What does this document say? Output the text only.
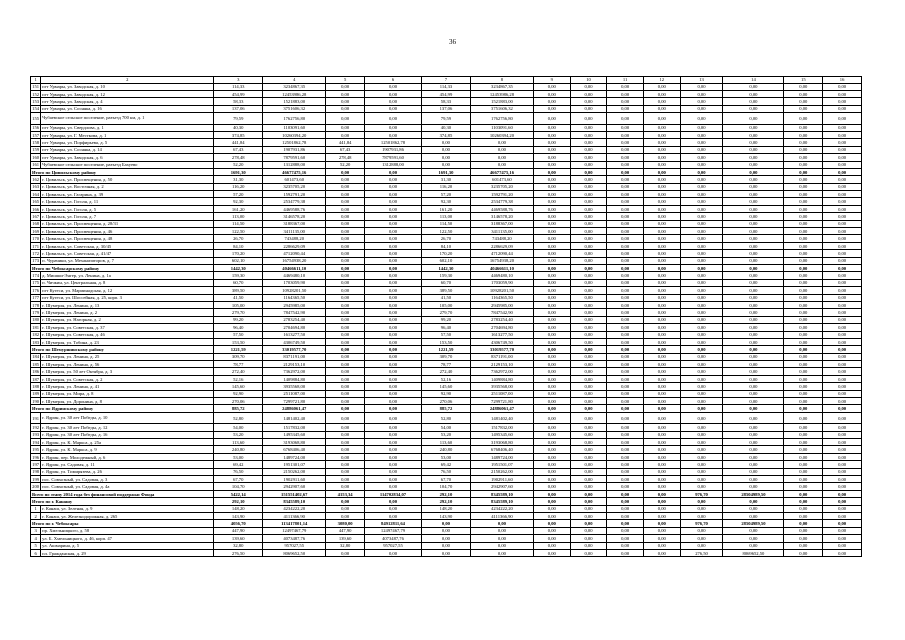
36
1	2	3	4	5	6	7	8	9	10	11	12	13	14	15	16
151	пгт Урмары, ул. Заводская, д. 10	114,33	3234867,35	0,00	0,00	114,33	3234867,35	0,00	0,00	0,00	0,00	0,00	0,00	0,00	0,00
152	пгт Урмары, ул. Заводская, д. 12	454,99	12453986,28	0,00	0,00	454,99	12453986,28	0,00	0,00	0,00	0,00	0,00	0,00	0,00	0,00
153	пгт Урмары, ул. Заводская, д. 4	58,33	1521883,00	0,00	0,00	58,33	1521883,00	0,00	0,00	0,00	0,00	0,00	0,00	0,00	0,00
154	пгт Урмары, ул. Сосняка, д. 16	137,06	3751606,32	0,00	0,00	137,06	3751606,32	0,00	0,00	0,00	0,00	0,00	0,00	0,00	0,00
155	Чубаевское сельское поселение, разъезд 700 км, д. 1	79,59	1762756,80	0,00	0,00	79,59	1762756,80	0,00	0,00	0,00	0,00	0,00	0,00	0,00	0,00
156	пгт Урмары, ул. Свердлова, д. 1	40,30	1103091,60	0,00	0,00	40,30	1103091,60	0,00	0,00	0,00	0,00	0,00	0,00	0,00	0,00
157	пгт Урмары, ул. Г. Месткова, д. 1	374,85	10260394,20	0,00	0,00	374,85	10260394,20	0,00	0,00	0,00	0,00	0,00	0,00	0,00	0,00
158	пгт Урмары, ул. Порфирьева, д. 5	441,84	12501862,78	441,84	12501862,78	0,00	0,00	0,00	0,00	0,00	0,00	0,00	0,00	0,00	0,00
159	пгт Урмары, ул. Сосняка, д. 14	67,43	1907931,86	67,43	1907931,86	0,00	0,00	0,00	0,00	0,00	0,00	0,00	0,00	0,00	0,00
160	пгт Урмары, ул. Заводская, д. 6	278,48	7879591,60	278,48	7879591,60	0,00	0,00	0,00	0,00	0,00	0,00	0,00	0,00	0,00	0,00
161	Чубаевское сельское поселение, разъезд Бахуево	52,20	1312888,00	52,20	1312888,00	0,00	0,00	0,00	0,00	0,00	0,00	0,00	0,00	0,00	0,00
Итого по Цивильскому району		1691,30	46677475,16	0,00	0,00	1691,30	46677475,16	0,00	0,00	0,00	0,00	0,00	0,00	0,00	0,00
162	г. Цивильск, ул. Просвещения, д. 50	31,30	601473,60	0,00	0,00	31,30	601473,60	0,00	0,00	0,00	0,00	0,00	0,00	0,00	0,00
163	г. Цивильск, ул. Восточная, д. 2	116,20	3235705,20	0,00	0,00	116,20	3235705,20	0,00	0,00	0,00	0,00	0,00	0,00	0,00	0,00
164	г. Цивильск, ул. Гагарина, д. 39	57,20	1592791,20	0,00	0,00	57,20	1592791,20	0,00	0,00	0,00	0,00	0,00	0,00	0,00	0,00
165	г. Цивильск, ул. Гоголя, д. 11	92,30	2534779,38	0,00	0,00	92,30	2534779,38	0,00	0,00	0,00	0,00	0,00	0,00	0,00	0,00
166	г. Цивильск, ул. Гоголя, д. 5	161,20	4469588,76	0,00	0,00	161,20	4469588,76	0,00	0,00	0,00	0,00	0,00	0,00	0,00	0,00
167	г. Цивильск, ул. Гоголя, д. 7	113,00	3146578,20	0,00	0,00	113,00	3146578,20	0,00	0,00	0,00	0,00	0,00	0,00	0,00	0,00
168	г. Цивильск, ул. Просвещения, д. 28/31	114,50	3188367,00	0,00	0,00	114,50	3188367,00	0,00	0,00	0,00	0,00	0,00	0,00	0,00	0,00
169	г. Цивильск, ул. Просвещения, д. 46	122,50	3411135,00	0,00	0,00	122,50	3411135,00	0,00	0,00	0,00	0,00	0,00	0,00	0,00	0,00
170	г. Цивильск, ул. Просвещения, д. 48	26,70	743488,20	0,00	0,00	26,70	743488,20	0,00	0,00	0,00	0,00	0,00	0,00	0,00	0,00
171	г. Цивильск, ул. Советская, д. 30/45	84,10	2286629,09	0,00	0,00	84,10	2286629,09	0,00	0,00	0,00	0,00	0,00	0,00	0,00	0,00
172	г. Цивильск, ул. Советская, д. 41/47	170,20	4712090,44	0,00	0,00	170,20	4712090,44	0,00	0,00	0,00	0,00	0,00	0,00	0,00	0,00
173	п. Чурачики, ул. Механизаторов, д. 7	602,10	16754938,20	0,00	0,00	602,10	16754938,20	0,00	0,00	0,00	0,00	0,00	0,00	0,00	0,00
Итого по Чебоксарскому району		1442,30	40466611,10	0,00	0,00	1442,30	40466611,10	0,00	0,00	0,00	0,00	0,00	0,00	0,00	0,00
174	д. Мишши-Энгер, ул. Ленина, д. 1а	159,30	4469480,10	0,00	0,00	159,30	4469480,10	0,00	0,00	0,00	0,00	0,00	0,00	0,00	0,00
175	п. Чичкин, ул. Центральная, д. 8	60,70	1703059,90	0,00	0,00	60,70	1703059,90	0,00	0,00	0,00	0,00	0,00	0,00	0,00	0,00
176	пгт Кугеси, ул. Мариинадская, д. 12	389,50	10928201,50	0,00	0,00	389,50	10928201,50	0,00	0,00	0,00	0,00	0,00	0,00	0,00	0,00
177	пгт Кугеси, ул. Шоссейная, д. 25, корп. 3	41,50	1164365,50	0,00	0,00	41,50	1164365,50	0,00	0,00	0,00	0,00	0,00	0,00	0,00	0,00
178	г. Шумерля, ул. Ленина, д. 13	105,00	2945985,00	0,00	0,00	105,00	2945985,00	0,00	0,00	0,00	0,00	0,00	0,00	0,00	0,00
179	г. Шумерля, ул. Ленина, д. 2	279,70	7847542,90	0,00	0,00	279,70	7847542,90	0,00	0,00	0,00	0,00	0,00	0,00	0,00	0,00
180	г. Шумерля, ул. Нагорная, д. 2	99,20	2783254,40	0,00	0,00	99,20	2783254,40	0,00	0,00	0,00	0,00	0,00	0,00	0,00	0,00
181	г. Шумерля, ул. Советская, д. 37	96,40	2704694,80	0,00	0,00	96,40	2704694,80	0,00	0,00	0,00	0,00	0,00	0,00	0,00	0,00
182	г. Шумерля, ул. Советская, д. 46	57,50	1613277,50	0,00	0,00	57,50	1613277,50	0,00	0,00	0,00	0,00	0,00	0,00	0,00	0,00
183	г. Шумерля, ул. Тобина, д. 23	153,50	4306749,50	0,00	0,00	153,50	4306749,50	0,00	0,00	0,00	0,00	0,00	0,00	0,00	0,00
Итого по Шемуршинскому району		1221,59	33019577,70	0,00	0,00	1221,59	33019577,70	0,00	0,00	0,00	0,00	0,00	0,00	0,00	0,00
184	г. Шумерля, ул. Ленина, д. 25	309,70	8371191,00	0,00	0,00	309,70	8371191,00	0,00	0,00	0,00	0,00	0,00	0,00	0,00	0,00
185	г. Шумерля, ул. Ленина, д. 56	78,77	2129153,10	0,00	0,00	78,77	2129153,10	0,00	0,00	0,00	0,00	0,00	0,00	0,00	0,00
186	г. Шумерля, ул. 50 лет Октября, д. 3	272,40	7362972,00	0,00	0,00	272,40	7362972,00	0,00	0,00	0,00	0,00	0,00	0,00	0,00	0,00
187	г. Шумерля, ул. Советская, д. 2	52,16	1409884,80	0,00	0,00	52,16	1409884,80	0,00	0,00	0,00	0,00	0,00	0,00	0,00	0,00
188	г. Шумерля, ул. Ленина, д. 41	145,60	3935568,00	0,00	0,00	145,60	3935568,00	0,00	0,00	0,00	0,00	0,00	0,00	0,00	0,00
189	г. Шумерля, ул. Мира, д. 8	92,90	2511087,00	0,00	0,00	92,90	2511087,00	0,00	0,00	0,00	0,00	0,00	0,00	0,00	0,00
190	г. Шумерля, ул. Доронина, д. 8	270,06	7299721,80	0,00	0,00	270,06	7299721,80	0,00	0,00	0,00	0,00	0,00	0,00	0,00	0,00
Итого по Ядринскому району		885,72	24886061,47	0,00	0,00	885,72	24886061,47	0,00	0,00	0,00	0,00	0,00	0,00	0,00	0,00
191	г. Ядрин, ул. 30 лет Победы, д. 10	52,80	1481402,40	0,00	0,00	52,80	1481402,40	0,00	0,00	0,00	0,00	0,00	0,00	0,00	0,00
192	г. Ядрин, ул. 30 лет Победы, д. 12	54,00	1517832,00	0,00	0,00	54,00	1517832,00	0,00	0,00	0,00	0,00	0,00	0,00	0,00	0,00
193	г. Ядрин, ул. 30 лет Победы, д. 16	53,20	1495345,60	0,00	0,00	53,20	1495345,60	0,00	0,00	0,00	0,00	0,00	0,00	0,00	0,00
194	г. Ядрин, ул. К. Маркса, д. 25а	113,60	3193068,80	0,00	0,00	113,60	3193068,80	0,00	0,00	0,00	0,00	0,00	0,00	0,00	0,00
195	г. Ядрин, ул. К. Маркса, д. 9	240,80	6768406,40	0,00	0,00	240,80	6768406,40	0,00	0,00	0,00	0,00	0,00	0,00	0,00	0,00
196	г. Ядрин, пер. Молодежный, д. 6	53,00	1489724,00	0,00	0,00	53,00	1489724,00	0,00	0,00	0,00	0,00	0,00	0,00	0,00	0,00
197	г. Ядрин, ул. Садовая, д. 11	69,42	1951301,07	0,00	0,00	69,42	1951501,07	0,00	0,00	0,00	0,00	0,00	0,00	0,00	0,00
198	г. Ядрин, ул. Тимирязева, д. 26	76,50	2150262,00	0,00	0,00	76,50	2150262,00	0,00	0,00	0,00	0,00	0,00	0,00	0,00	0,00
199	пос. Совхозный, ул. Садовая, д. 3	67,70	1902911,60	0,00	0,00	67,70	1902911,60	0,00	0,00	0,00	0,00	0,00	0,00	0,00	0,00
200	пос. Совхозный, ул. Садовая, д. 4а	104,70	2942907,60	0,00	0,00	104,70	2942907,60	0,00	0,00	0,00	0,00	0,00	0,00	0,00	0,00
Всего по этапу 2014 года без финансовой поддержки Фонда		5422,14	151551402,67	4153,34	114702834,07	292,10	8345589,10	0,00	0,00	0,00	0,00	976,70	28504989,50	0,00	0,00
Итого по г. Канашу		292,10	8345589,10	0,00	0,00	292,10	8345589,10	0,00	0,00	0,00	0,00	0,00	0,00	0,00	0,00
1	г. Канаш, ул. Зеленая, д. 9	148,20	4234222,20	0,00	0,00	148,20	4234222,20	0,00	0,00	0,00	0,00	0,00	0,00	0,00	0,00
2	г. Канаш, ул. Железнодорожная, д. 265	143,90	4111366,90	0,00	0,00	143,90	4111366,90	0,00	0,00	0,00	0,00	0,00	0,00	0,00	0,00
Итого по г. Чебоксары		4056,70	113417801,14	3080,00	84912811,64	0,00	0,00	0,00	0,00	0,00	0,00	976,70	28504989,50	0,00	0,00
3	пр. Хмельницкого, д. 58	447,90	12497467,79	447,90	12497467,79	0,00	0,00	0,00	0,00	0,00	0,00	0,00	0,00	0,00	0,00
4	ул. Б. Хмельницкого, д. 46, корп. 47	139,60	4073487,76	139,60	4073487,76	0,00	0,00	0,00	0,00	0,00	0,00	0,00	0,00	0,00	0,00
5	ул. Ашмарина, д. 5	32,80	957027,55	32,80	957027,55	0,00	0,00	0,00	0,00	0,00	0,00	0,00	0,00	0,00	0,00
6	пл. Гражданская, д. 29	276,50	8069652,50	0,00	0,00	0,00	0,00	0,00	0,00	0,00	0,00	276,50	8069652,50	0,00	0,00
